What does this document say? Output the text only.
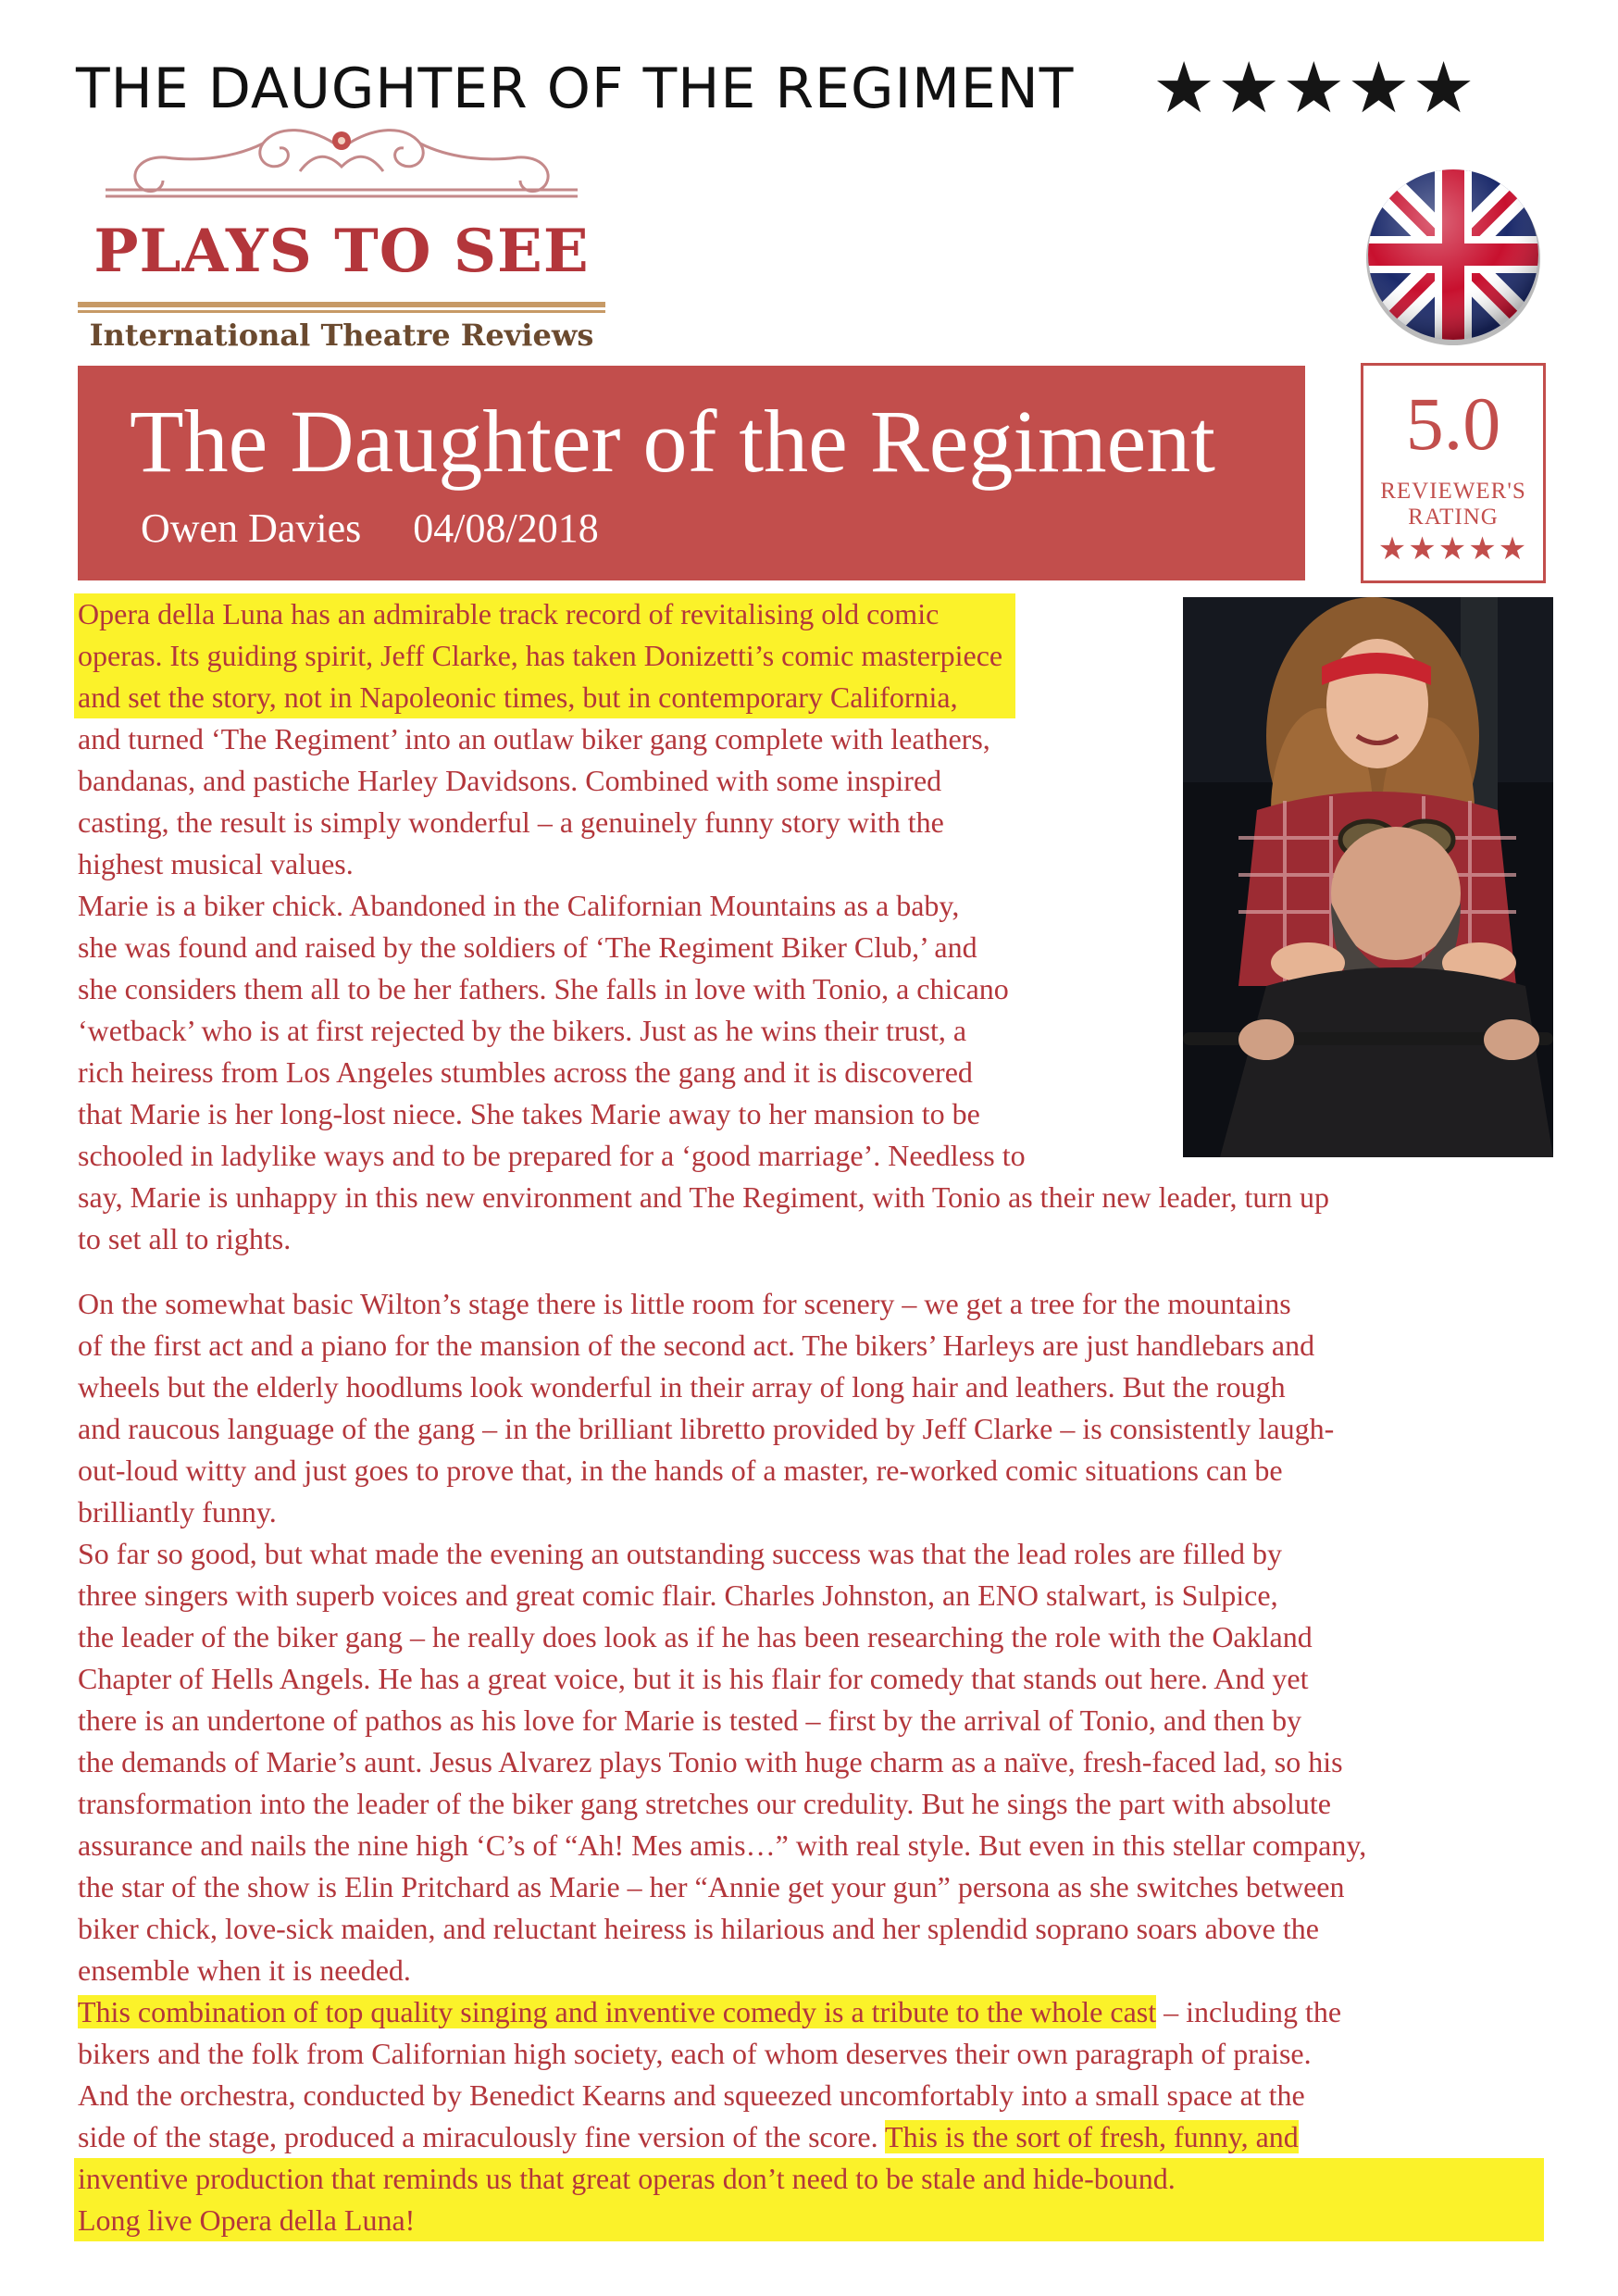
THE DAUGHTER OF THE REGIMENT	★★★★★
PLAYS TO SEE
International Theatre Reviews
The Daughter of the Regiment
Owen Davies 04/08/2018
5.0
REVIEWER'S
RATING
★★★★★

Opera della Luna has an admirable track record of revitalising old comic
operas. Its guiding spirit, Jeff Clarke, has taken Donizetti’s comic masterpiece
and set the story, not in Napoleonic times, but in contemporary California,
and turned ‘The Regiment’ into an outlaw biker gang complete with leathers,
bandanas, and pastiche Harley Davidsons. Combined with some inspired
casting, the result is simply wonderful – a genuinely funny story with the
highest musical values.

Marie is a biker chick. Abandoned in the Californian Mountains as a baby,
she was found and raised by the soldiers of ‘The Regiment Biker Club,’ and
she considers them all to be her fathers. She falls in love with Tonio, a chicano
‘wetback’ who is at first rejected by the bikers. Just as he wins their trust, a
rich heiress from Los Angeles stumbles across the gang and it is discovered
that Marie is her long-lost niece. She takes Marie away to her mansion to be
schooled in ladylike ways and to be prepared for a ‘good marriage’. Needless to
say, Marie is unhappy in this new environment and The Regiment, with Tonio as their new leader, turn up
to set all to rights.

On the somewhat basic Wilton’s stage there is little room for scenery – we get a tree for the mountains
of the first act and a piano for the mansion of the second act. The bikers’ Harleys are just handlebars and
wheels but the elderly hoodlums look wonderful in their array of long hair and leathers. But the rough
and raucous language of the gang – in the brilliant libretto provided by Jeff Clarke – is consistently laugh-
out-loud witty and just goes to prove that, in the hands of a master, re-worked comic situations can be
brilliantly funny.

So far so good, but what made the evening an outstanding success was that the lead roles are filled by
three singers with superb voices and great comic flair. Charles Johnston, an ENO stalwart, is Sulpice,
the leader of the biker gang – he really does look as if he has been researching the role with the Oakland
Chapter of Hells Angels. He has a great voice, but it is his flair for comedy that stands out here. And yet
there is an undertone of pathos as his love for Marie is tested – first by the arrival of Tonio, and then by
the demands of Marie’s aunt. Jesus Alvarez plays Tonio with huge charm as a naïve, fresh-faced lad, so his
transformation into the leader of the biker gang stretches our credulity. But he sings the part with absolute
assurance and nails the nine high ‘C’s of “Ah! Mes amis…” with real style. But even in this stellar company,
the star of the show is Elin Pritchard as Marie – her “Annie get your gun” persona as she switches between
biker chick, love-sick maiden, and reluctant heiress is hilarious and her splendid soprano soars above the
ensemble when it is needed.

This combination of top quality singing and inventive comedy is a tribute to the whole cast – including the
bikers and the folk from Californian high society, each of whom deserves their own paragraph of praise.
And the orchestra, conducted by Benedict Kearns and squeezed uncomfortably into a small space at the
side of the stage, produced a miraculously fine version of the score. This is the sort of fresh, funny, and
inventive production that reminds us that great operas don’t need to be stale and hide-bound.
Long live Opera della Luna!
